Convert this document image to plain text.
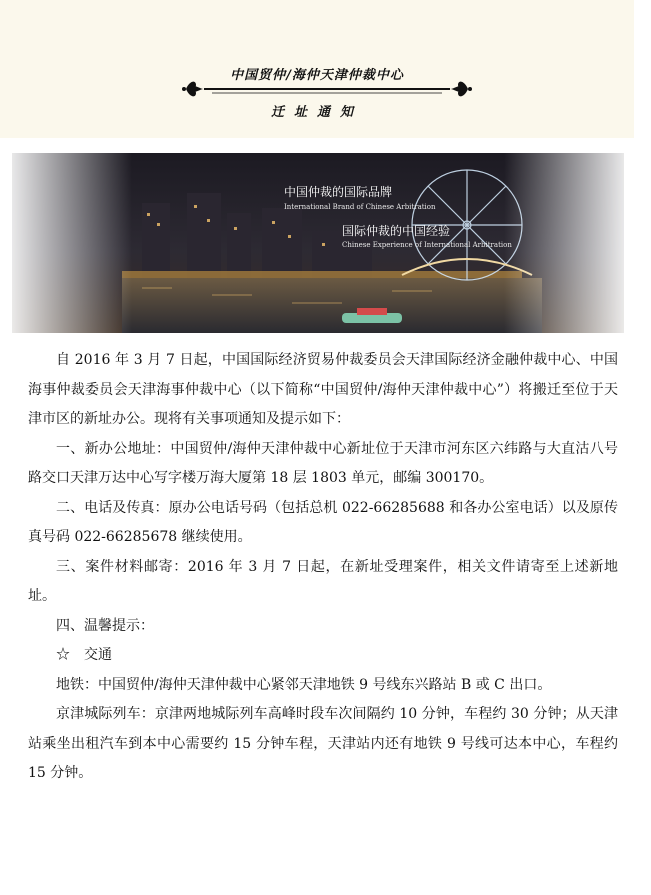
中国贸仲/海仲天津仲裁中心
迁址通知
中国仲裁的国际品牌
International Brand of Chinese Arbitration
国际仲裁的中国经验
Chinese Experience of International Arbitration

自 2016 年 3 月 7 日起，中国国际经济贸易仲裁委员会天津国际经济金融仲裁中心、中国海事仲裁委员会天津海事仲裁中心（以下简称“中国贸仲/海仲天津仲裁中心”）将搬迁至位于天津市区的新址办公。现将有关事项通知及提示如下：

一、新办公地址：中国贸仲/海仲天津仲裁中心新址位于天津市河东区六纬路与大直沽八号路交口天津万达中心写字楼万海大厦第 18 层 1803 单元，邮编 300170。

二、电话及传真：原办公电话号码（包括总机 022-66285688 和各办公室电话）以及原传真号码 022-66285678 继续使用。

三、案件材料邮寄：2016 年 3 月 7 日起，在新址受理案件，相关文件请寄至上述新地址。

四、温馨提示：

☆　交通

地铁：中国贸仲/海仲天津仲裁中心紧邻天津地铁 9 号线东兴路站 B 或 C 出口。

京津城际列车：京津两地城际列车高峰时段车次间隔约 10 分钟，车程约 30 分钟；从天津站乘坐出租汽车到本中心需要约 15 分钟车程，天津站内还有地铁 9 号线可达本中心，车程约 15 分钟。
